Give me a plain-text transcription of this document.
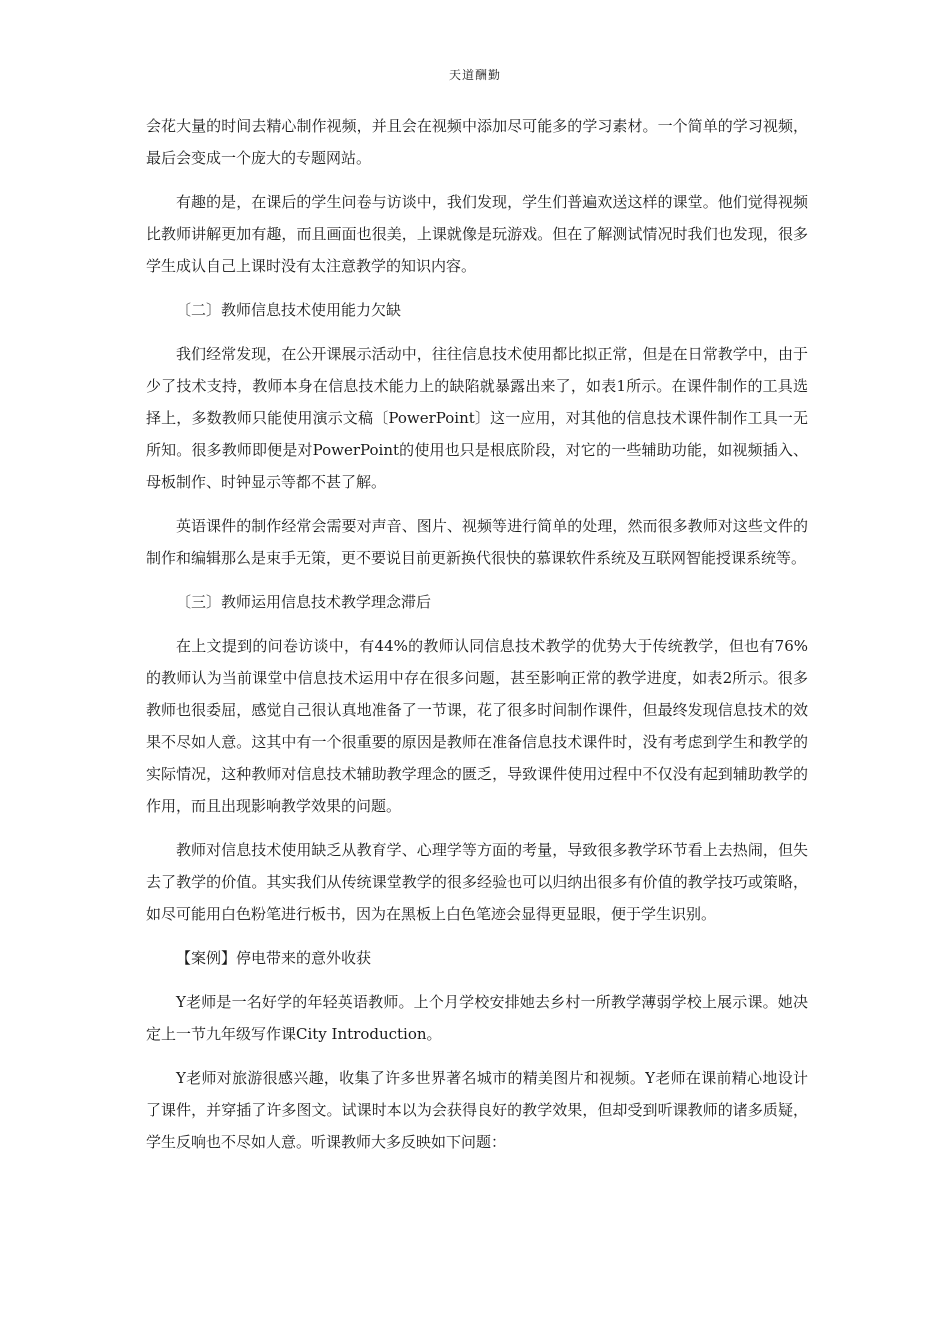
天道酬勤

会花大量的时间去精心制作视频，并且会在视频中添加尽可能多的学习素材。一个简单的学习视频，最后会变成一个庞大的专题网站。

有趣的是，在课后的学生问卷与访谈中，我们发现，学生们普遍欢送这样的课堂。他们觉得视频比教师讲解更加有趣，而且画面也很美，上课就像是玩游戏。但在了解测试情况时我们也发现，很多学生成认自己上课时没有太注意教学的知识内容。

〔二〕教师信息技术使用能力欠缺

我们经常发现，在公开课展示活动中，往往信息技术使用都比拟正常，但是在日常教学中，由于少了技术支持，教师本身在信息技术能力上的缺陷就暴露出来了，如表1所示。在课件制作的工具选择上，多数教师只能使用演示文稿〔PowerPoint〕这一应用，对其他的信息技术课件制作工具一无所知。很多教师即便是对PowerPoint的使用也只是根底阶段，对它的一些辅助功能，如视频插入、母板制作、时钟显示等都不甚了解。

英语课件的制作经常会需要对声音、图片、视频等进行简单的处理，然而很多教师对这些文件的制作和编辑那么是束手无策，更不要说目前更新换代很快的慕课软件系统及互联网智能授课系统等。

〔三〕教师运用信息技术教学理念滞后

在上文提到的问卷访谈中，有44%的教师认同信息技术教学的优势大于传统教学，但也有76%的教师认为当前课堂中信息技术运用中存在很多问题，甚至影响正常的教学进度，如表2所示。很多教师也很委屈，感觉自己很认真地准备了一节课，花了很多时间制作课件，但最终发现信息技术的效果不尽如人意。这其中有一个很重要的原因是教师在准备信息技术课件时，没有考虑到学生和教学的实际情况，这种教师对信息技术辅助教学理念的匮乏，导致课件使用过程中不仅没有起到辅助教学的作用，而且出现影响教学效果的问题。

教师对信息技术使用缺乏从教育学、心理学等方面的考量，导致很多教学环节看上去热闹，但失去了教学的价值。其实我们从传统课堂教学的很多经验也可以归纳出很多有价值的教学技巧或策略，如尽可能用白色粉笔进行板书，因为在黑板上白色笔迹会显得更显眼，便于学生识别。

【案例】停电带来的意外收获

Y老师是一名好学的年轻英语教师。上个月学校安排她去乡村一所教学薄弱学校上展示课。她决定上一节九年级写作课City Introduction。

Y老师对旅游很感兴趣，收集了许多世界著名城市的精美图片和视频。Y老师在课前精心地设计了课件，并穿插了许多图文。试课时本以为会获得良好的教学效果，但却受到听课教师的诸多质疑，学生反响也不尽如人意。听课教师大多反映如下问题：
